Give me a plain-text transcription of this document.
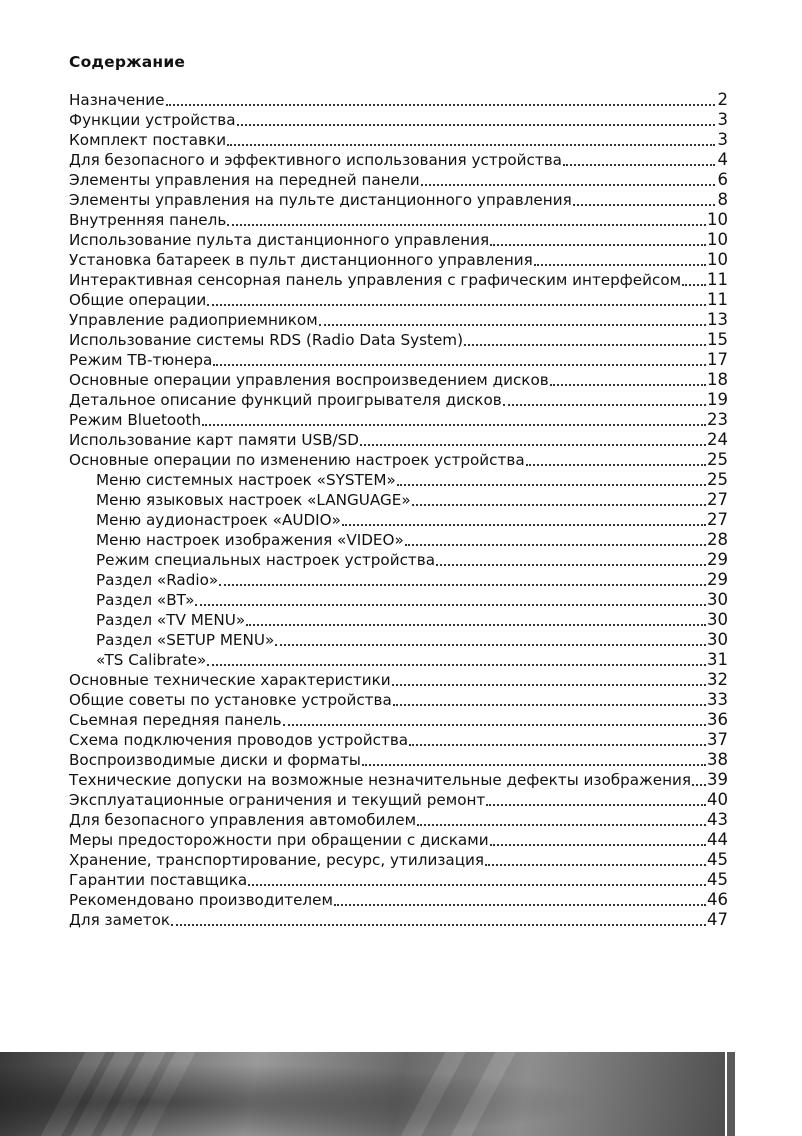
Содержание
Назначение	2
Функции устройства	3
Комплект поставки	3
Для безопасного и эффективного использования устройства	4
Элементы управления на передней панели	6
Элементы управления на пульте дистанционного управления	8
Внутренняя панель	10
Использование пульта дистанционного управления	10
Установка батареек в пульт дистанционного управления	10
Интерактивная сенсорная панель управления с графическим интерфейсом 11
Общие операции	11
Управление радиоприемником	13
Использование системы RDS (Radio Data System)	15
Режим ТВ-тюнера	17
Основные операции управления воспроизведением дисков	18
Детальное описание функций проигрывателя дисков	19
Режим Bluetooth	23
Использование карт памяти USB/SD	24
Основные операции по изменению настроек устройства	25
Меню системных настроек «SYSTEM»	25
Меню языковых настроек «LANGUAGE»	27
Меню аудионастроек «AUDIO»	27
Меню настроек изображения «VIDEO»	28
Режим специальных настроек устройства	29
Раздел «Radio»	29
Раздел «BT»	30
Раздел «TV MENU»	30
Раздел «SETUP MENU»	30
«TS Calibrate»	31
Основные технические характеристики	32
Общие советы по установке устройства	33
Сьемная передняя панель	36
Схема подключения проводов устройства	37
Воспроизводимые диски и форматы	38
Технические допуски на возможные незначительные дефекты изображения 39
Эксплуатационные ограничения и текущий ремонт	40
Для безопасного управления автомобилем	43
Меры предосторожности при обращении с дисками	44
Хранение, транспортирование, ресурс, утилизация	45
Гарантии поставщика	45
Рекомендовано производителем	46
Для заметок	47
